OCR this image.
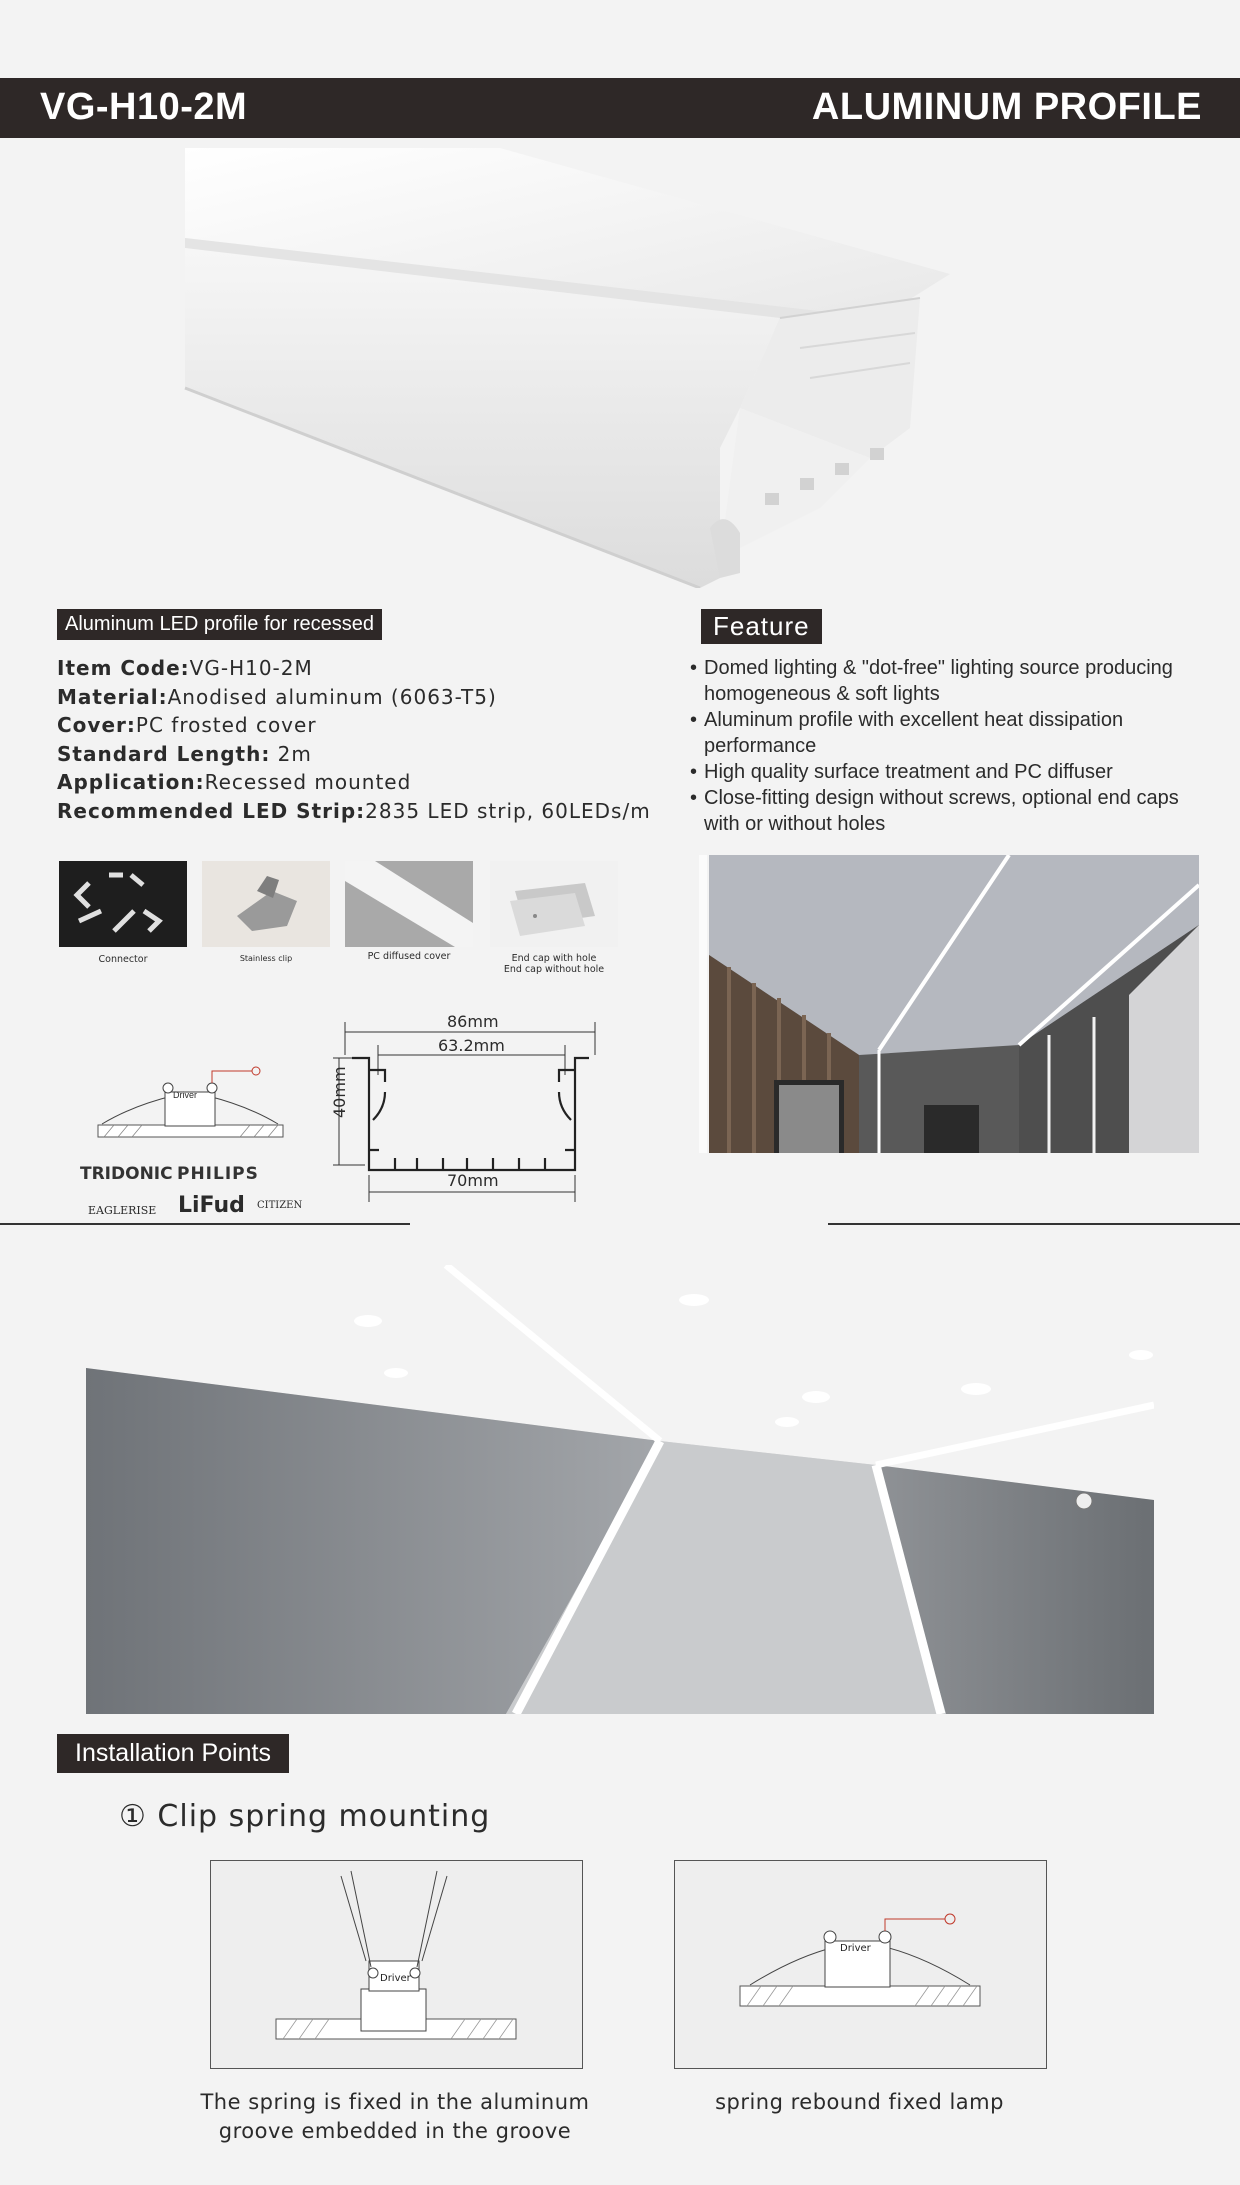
VG-H10-2M	ALUMINUM PROFILE
Aluminum LED profile for recessed
Item Code:VG-H10-2M
Material:Anodised aluminum (6063-T5)
Cover:PC frosted cover
Standard Length: 2m
Application:Recessed mounted
Recommended LED Strip:2835 LED strip, 60LEDs/m
Feature
• Domed lighting & "dot-free" lighting source producing homogeneous & soft lights
• Aluminum profile with excellent heat dissipation performance
• High quality surface treatment and PC diffuser
• Close-fitting design without screws, optional end caps with or without holes
Connector	Stainless clip	PC diffused cover	End cap with hole
End cap without hole
Driver
TRIDONIC PHILIPS
EAGLERISE LiFud CITIZEN
86mm
63.2mm
40mm
70mm
Installation Points
① Clip spring mounting
Driver
Driver
The spring is fixed in the aluminum groove embedded in the groove
spring rebound fixed lamp
